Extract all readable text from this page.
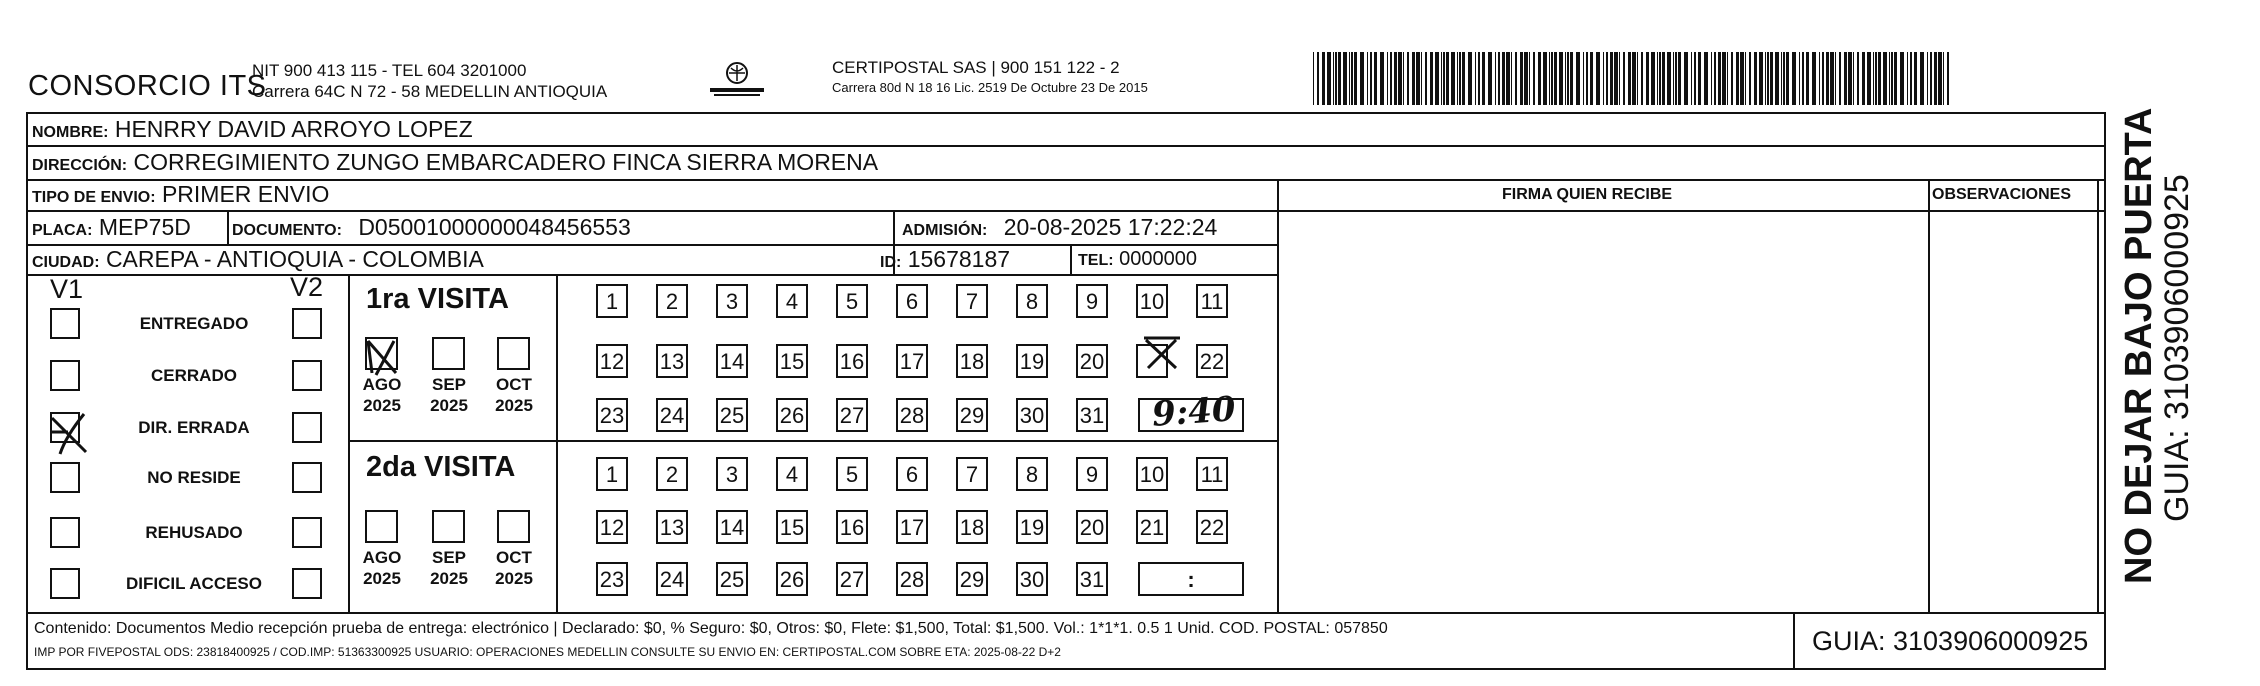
CONSORCIO ITS
NIT 900 413 115 - TEL 604 3201000
Carrera 64C N 72 - 58 MEDELLIN ANTIOQUIA
CERTIPOSTAL SAS | 900 151 122 - 2
Carrera 80d N 18 16 Lic. 2519 De Octubre 23 De 2015
NOMBRE: HENRRY DAVID ARROYO LOPEZ
DIRECCIÓN: CORREGIMIENTO ZUNGO EMBARCADERO FINCA SIERRA MORENA
TIPO DE ENVIO: PRIMER ENVIO
PLACA: MEP75D	DOCUMENTO: D05001000000048456553	ADMISIÓN: 20-08-2025 17:22:24
CIUDAD: CAREPA - ANTIOQUIA - COLOMBIA	ID: 15678187	TEL: 0000000
FIRMA QUIEN RECIBE	OBSERVACIONES
V1	V2
ENTREGADO
CERRADO
DIR. ERRADA
NO RESIDE
REHUSADO
DIFICIL ACCESO
1ra VISITA
2da VISITA
AGO
2025
SEP
2025
OCT
2025
AGO
2025
SEP
2025
OCT
2025
1	2	3	4	5	6	7	8	9	10 11
12 13 14 15 16 17 18 19 20	22
23 24 25 26 27 28 29 30 31
1	2	3	4	5	6	7	8	9	10 11
12 13 14 15 16 17 18 19 20 21 22
23 24 25 26 27 28 29 30 31	:
9:40
Contenido: Documentos Medio recepción prueba de entrega: electrónico | Declarado: $0, % Seguro: $0, Otros: $0, Flete: $1,500, Total: $1,500. Vol.: 1*1*1. 0.5 1 Unid. COD. POSTAL: 057850
IMP POR FIVEPOSTAL ODS: 23818400925 / COD.IMP: 51363300925 USUARIO: OPERACIONES MEDELLIN CONSULTE SU ENVIO EN: CERTIPOSTAL.COM SOBRE ETA: 2025-08-22 D+2	GUIA: 3103906000925
NO DEJAR BAJO PUERTA
GUIA: 3103906000925
